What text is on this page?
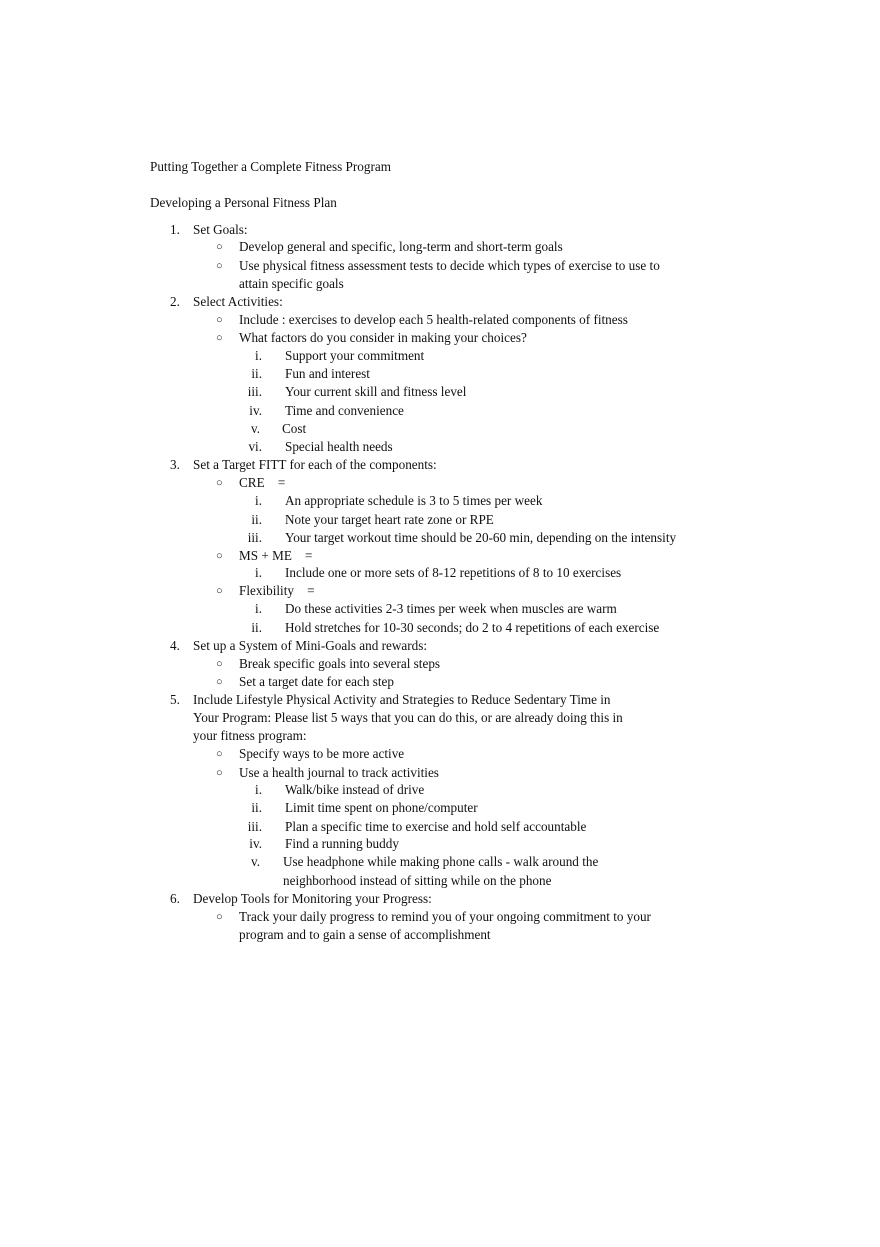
Putting Together a Complete Fitness Program
Developing a Personal Fitness Plan
1. Set Goals:
○ Develop general and specific, long-term and short-term goals
○ Use physical fitness assessment tests to decide which types of exercise to use to
attain specific goals
2. Select Activities:
○ Include : exercises to develop each 5 health-related components of fitness
○ What factors do you consider in making your choices?
i. Support your commitment
ii. Fun and interest
iii. Your current skill and fitness level
iv. Time and convenience
v. Cost
vi. Special health needs
3. Set a Target FITT for each of the components:
○ CRE    =
i. An appropriate schedule is 3 to 5 times per week
ii. Note your target heart rate zone or RPE
iii. Your target workout time should be 20-60 min, depending on the intensity
○ MS + ME    =
i. Include one or more sets of 8-12 repetitions of 8 to 10 exercises
○ Flexibility    =
i. Do these activities 2-3 times per week when muscles are warm
ii. Hold stretches for 10-30 seconds; do 2 to 4 repetitions of each exercise
4. Set up a System of Mini-Goals and rewards:
○ Break specific goals into several steps
○ Set a target date for each step
5. Include Lifestyle Physical Activity and Strategies to Reduce Sedentary Time in
Your Program: Please list 5 ways that you can do this, or are already doing this in
your fitness program:
○ Specify ways to be more active
○ Use a health journal to track activities
i. Walk/bike instead of drive
ii. Limit time spent on phone/computer
iii. Plan a specific time to exercise and hold self accountable
iv. Find a running buddy
v. Use headphone while making phone calls - walk around the
neighborhood instead of sitting while on the phone
6. Develop Tools for Monitoring your Progress:
○ Track your daily progress to remind you of your ongoing commitment to your
program and to gain a sense of accomplishment
